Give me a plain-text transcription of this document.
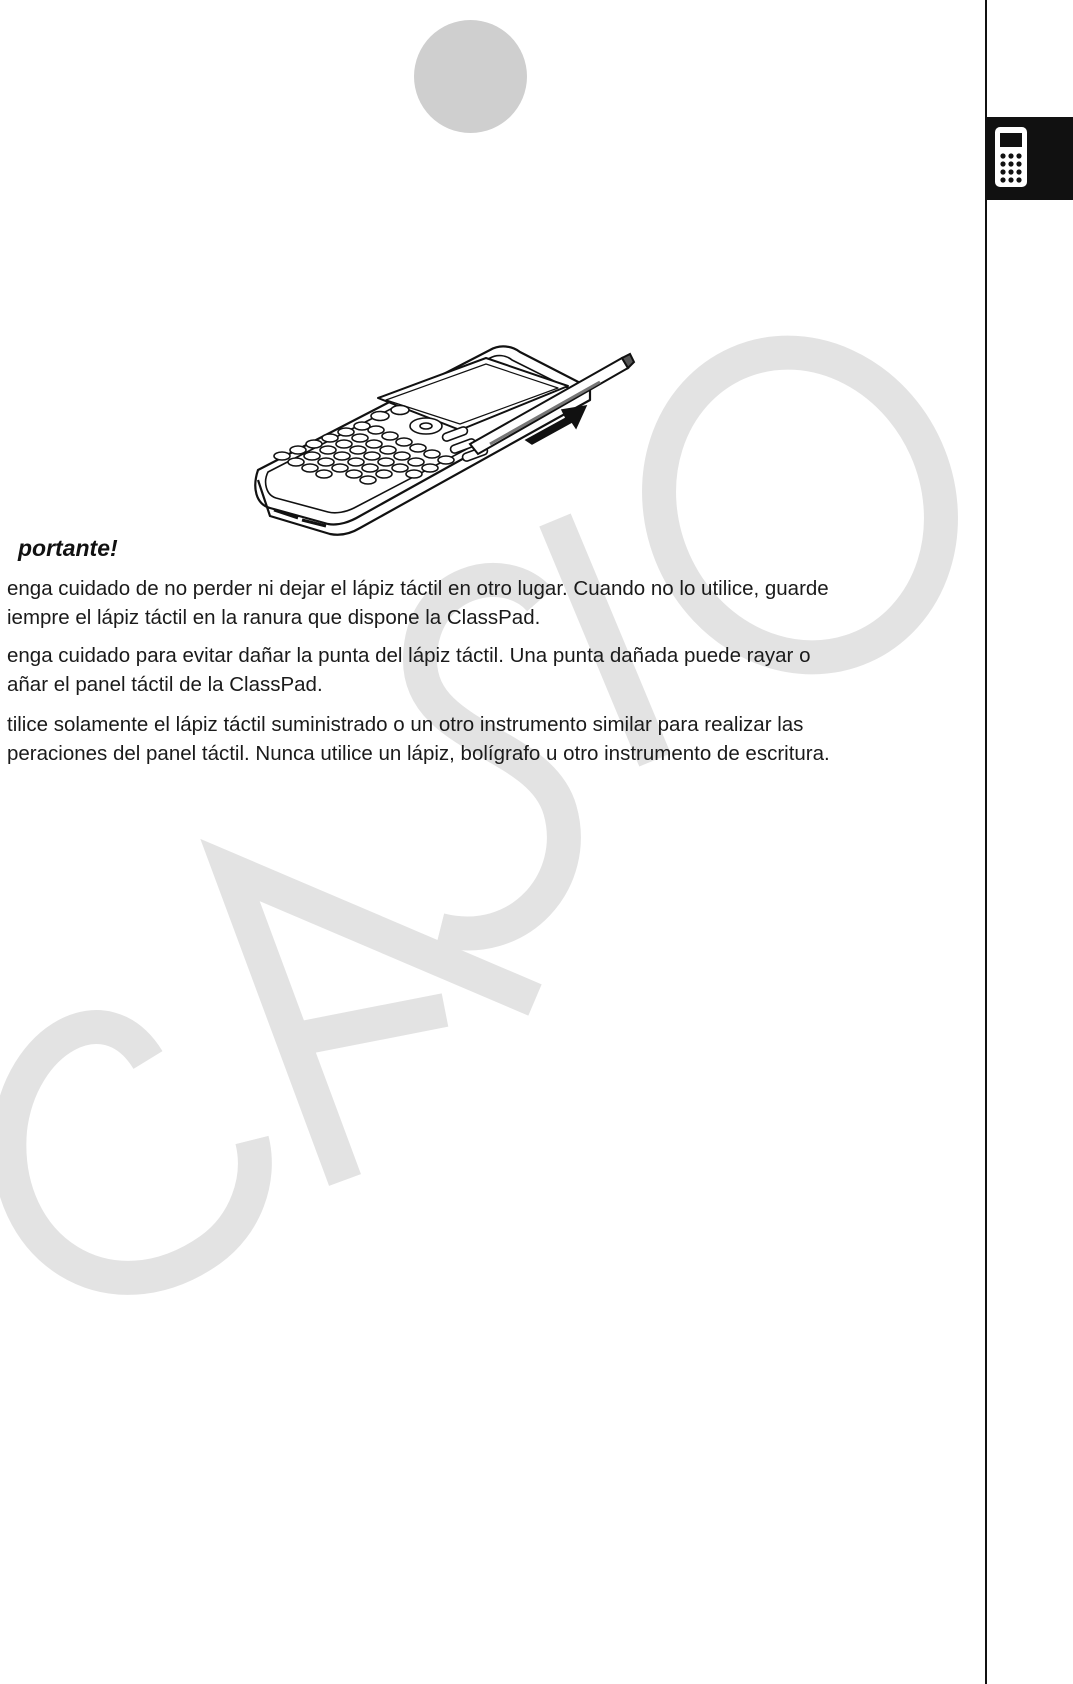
portante!
enga cuidado de no perder ni dejar el lápiz táctil en otro lugar. Cuando no lo utilice, guarde
iempre el lápiz táctil en la ranura que dispone la ClassPad.
enga cuidado para evitar dañar la punta del lápiz táctil. Una punta dañada puede rayar o
añar el panel táctil de la ClassPad.
tilice solamente el lápiz táctil suministrado o un otro instrumento similar para realizar las
peraciones del panel táctil. Nunca utilice un lápiz, bolígrafo u otro instrumento de escritura.
